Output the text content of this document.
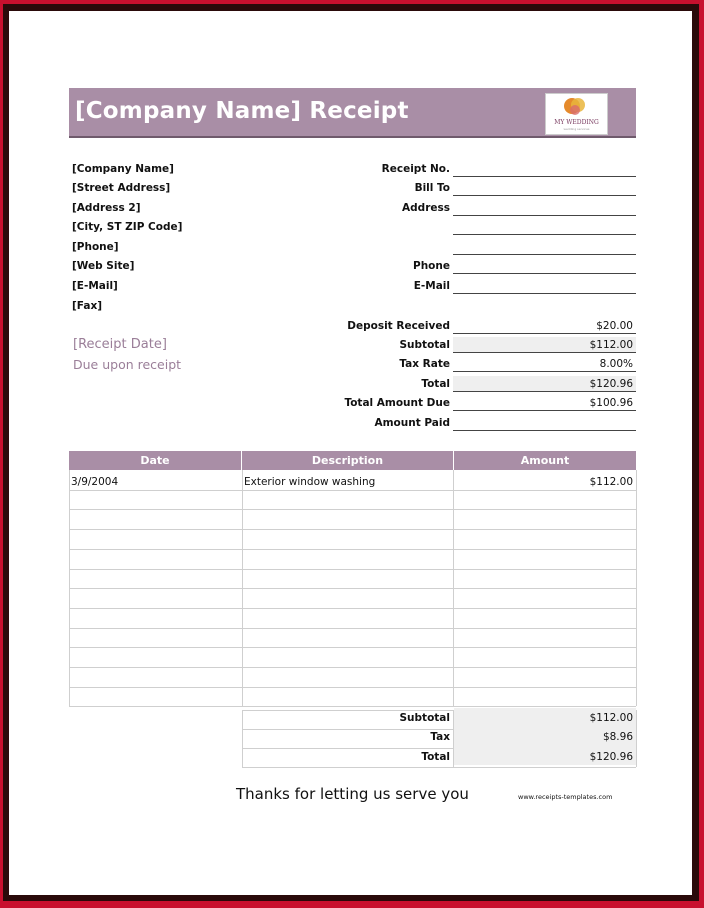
[Company Name] Receipt	MY WEDDING
wedding services
[Company Name]
[Street Address]
[Address 2]
[City, ST ZIP Code]
[Phone]
[Web Site]
[E-Mail]
[Fax]
[Receipt Date]
Due upon receipt
Receipt No.
Bill To
Address
Phone
E-Mail
Deposit Received	$20.00
Subtotal	$112.00
Tax Rate	8.00%
Total	$120.96
Total Amount Due	$100.96
Amount Paid
Date	Description	Amount
3/9/2004	Exterior window washing	$112.00
Subtotal	$112.00
Tax	$8.96
Total	$120.96
Thanks for letting us serve you	www.receipts-templates.com
